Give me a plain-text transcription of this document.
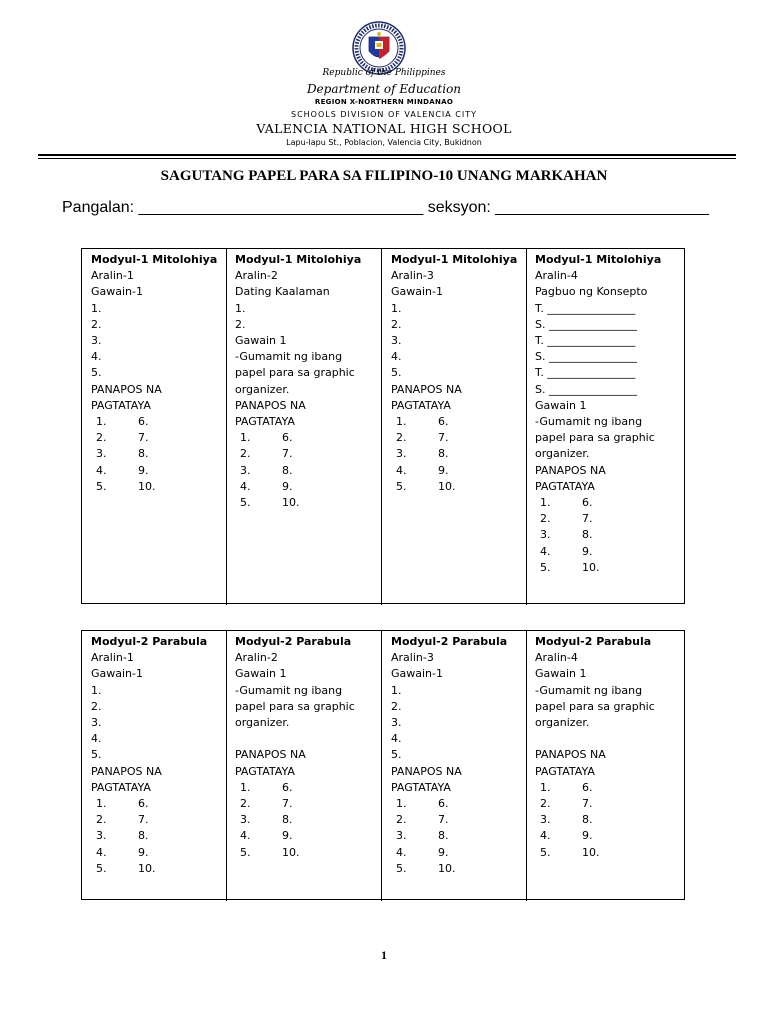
Republic of the Philippines
Department of Education
REGION X-NORTHERN MINDANAO
SCHOOLS DIVISION OF VALENCIA CITY
VALENCIA NATIONAL HIGH SCHOOL
Lapu-lapu St., Poblacion, Valencia City, Bukidnon
SAGUTANG PAPEL PARA SA FILIPINO-10 UNANG MARKAHAN
Pangalan: ________________________________ seksyon: ________________________
Modyul-1 Mitolohiya
Aralin-1
Gawain-1
1.
2.
3.
4.
5.
PANAPOS NA
PAGTATAYA
1.	6.
2.	7.
3.	8.
4.	9.
5.	10.
Modyul-1 Mitolohiya
Aralin-2
Dating Kaalaman
1.
2.
Gawain 1
-Gumamit ng ibang
papel para sa graphic
organizer.
PANAPOS NA
PAGTATAYA
1.	6.
2.	7.
3.	8.
4.	9.
5.	10.
Modyul-1 Mitolohiya
Aralin-3
Gawain-1
1.
2.
3.
4.
5.
PANAPOS NA
PAGTATAYA
1.	6.
2.	7.
3.	8.
4.	9.
5.	10.
Modyul-1 Mitolohiya
Aralin-4
Pagbuo ng Konsepto
T. ________________
S. ________________
T. ________________
S. ________________
T. ________________
S. ________________
Gawain 1
-Gumamit ng ibang
papel para sa graphic
organizer.
PANAPOS NA
PAGTATAYA
1.	6.
2.	7.
3.	8.
4.	9.
5.	10.
Modyul-2 Parabula
Aralin-1
Gawain-1
1.
2.
3.
4.
5.
PANAPOS NA
PAGTATAYA
1.	6.
2.	7.
3.	8.
4.	9.
5.	10.
Modyul-2 Parabula
Aralin-2
Gawain 1
-Gumamit ng ibang
papel para sa graphic
organizer.

PANAPOS NA
PAGTATAYA
1.	6.
2.	7.
3.	8.
4.	9.
5.	10.
Modyul-2 Parabula
Aralin-3
Gawain-1
1.
2.
3.
4.
5.
PANAPOS NA
PAGTATAYA
1.	6.
2.	7.
3.	8.
4.	9.
5.	10.
Modyul-2 Parabula
Aralin-4
Gawain 1
-Gumamit ng ibang
papel para sa graphic
organizer.

PANAPOS NA
PAGTATAYA
1.	6.
2.	7.
3.	8.
4.	9.
5.	10.
1
